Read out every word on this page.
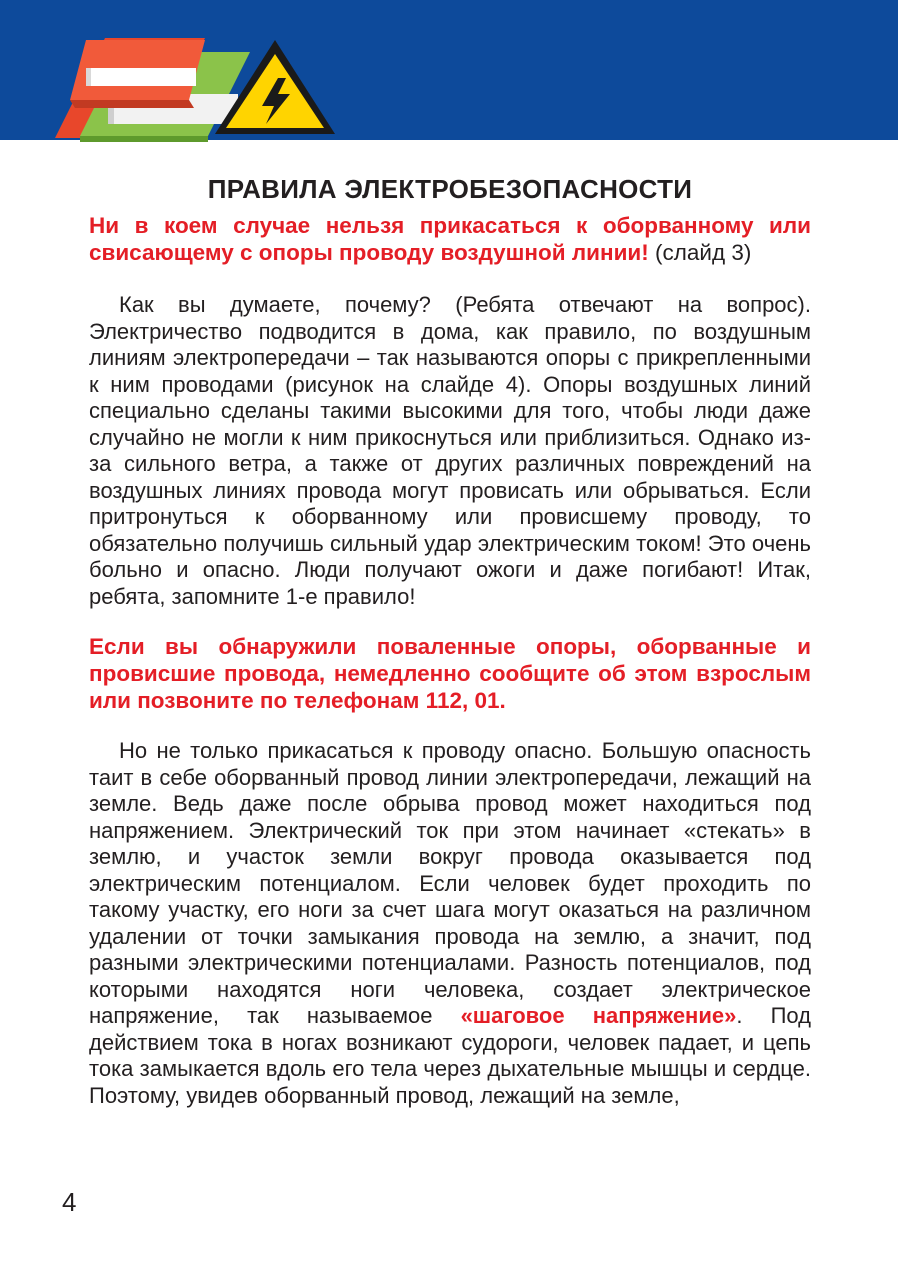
ПРАВИЛА ЭЛЕКТРОБЕЗОПАСНОСТИ

Ни в коем случае нельзя прикасаться к оборванному или свисающему с опоры проводу воздушной линии! (слайд 3)

Как вы думаете, почему? (Ребята отвечают на вопрос). Электричество подводится в дома, как правило, по воздушным линиям электропередачи – так называются опоры с прикрепленными к ним проводами (рисунок на слайде 4). Опоры воздушных линий специально сделаны такими высокими для того, чтобы люди даже случайно не могли к ним прикоснуться или приблизиться. Однако из-за сильного ветра, а также от других различных повреждений на воздушных линиях провода могут провисать или обрываться. Если притронуться к оборванному или провисшему проводу, то обязательно получишь сильный удар электрическим током! Это очень больно и опасно. Люди получают ожоги и даже погибают! Итак, ребята, запомните 1-е правило!

Если вы обнаружили поваленные опоры, оборванные и провисшие провода, немедленно сообщите об этом взрослым или позвоните по телефонам 112, 01.

Но не только прикасаться к проводу опасно. Большую опасность таит в себе оборванный провод линии электропередачи, лежащий на земле. Ведь даже после обрыва провод может находиться под напряжением. Электрический ток при этом начинает «стекать» в землю, и участок земли вокруг провода оказывается под электрическим потенциалом. Если человек будет проходить по такому участку, его ноги за счет шага могут оказаться на различном удалении от точки замыкания провода на землю, а значит, под разными электрическими потенциалами. Разность потенциалов, под которыми находятся ноги человека, создает электрическое напряжение, так называемое «шаговое напряжение». Под действием тока в ногах возникают судороги, человек падает, и цепь тока замыкается вдоль его тела через дыхательные мышцы и сердце. Поэтому, увидев оборванный провод, лежащий на земле,

4
